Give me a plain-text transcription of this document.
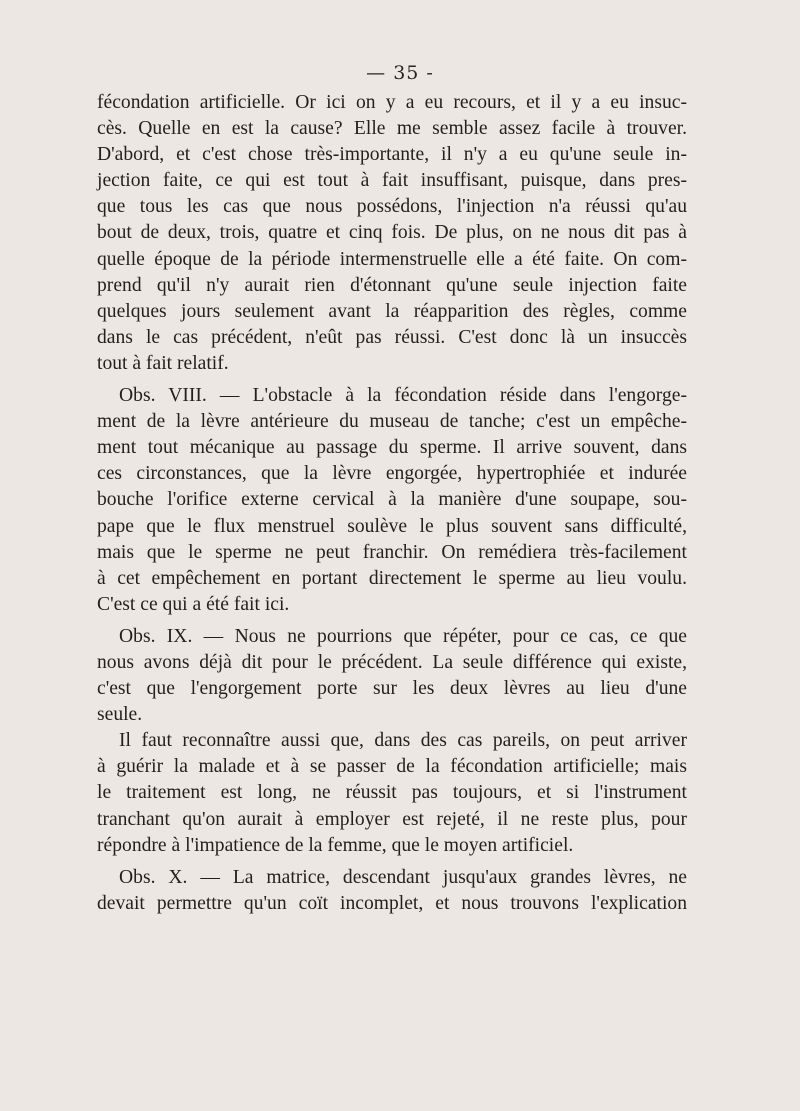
— 35 -
fécondation artificielle. Or ici on y a eu recours, et il y a eu insuc-
cès. Quelle en est la cause? Elle me semble assez facile à trouver.
D'abord, et c'est chose très-importante, il n'y a eu qu'une seule in-
jection faite, ce qui est tout à fait insuffisant, puisque, dans pres-
que tous les cas que nous possédons, l'injection n'a réussi qu'au
bout de deux, trois, quatre et cinq fois. De plus, on ne nous dit pas à
quelle époque de la période intermenstruelle elle a été faite. On com-
prend qu'il n'y aurait rien d'étonnant qu'une seule injection faite
quelques jours seulement avant la réapparition des règles, comme
dans le cas précédent, n'eût pas réussi. C'est donc là un insuccès
tout à fait relatif.
Obs. VIII. — L'obstacle à la fécondation réside dans l'engorge-
ment de la lèvre antérieure du museau de tanche; c'est un empêche-
ment tout mécanique au passage du sperme. Il arrive souvent, dans
ces circonstances, que la lèvre engorgée, hypertrophiée et indurée
bouche l'orifice externe cervical à la manière d'une soupape, sou-
pape que le flux menstruel soulève le plus souvent sans difficulté,
mais que le sperme ne peut franchir. On remédiera très-facilement
à cet empêchement en portant directement le sperme au lieu voulu.
C'est ce qui a été fait ici.
Obs. IX. — Nous ne pourrions que répéter, pour ce cas, ce que
nous avons déjà dit pour le précédent. La seule différence qui existe,
c'est que l'engorgement porte sur les deux lèvres au lieu d'une
seule.
Il faut reconnaître aussi que, dans des cas pareils, on peut arriver
à guérir la malade et à se passer de la fécondation artificielle; mais
le traitement est long, ne réussit pas toujours, et si l'instrument
tranchant qu'on aurait à employer est rejeté, il ne reste plus, pour
répondre à l'impatience de la femme, que le moyen artificiel.
Obs. X. — La matrice, descendant jusqu'aux grandes lèvres, ne
devait permettre qu'un coït incomplet, et nous trouvons l'explication
